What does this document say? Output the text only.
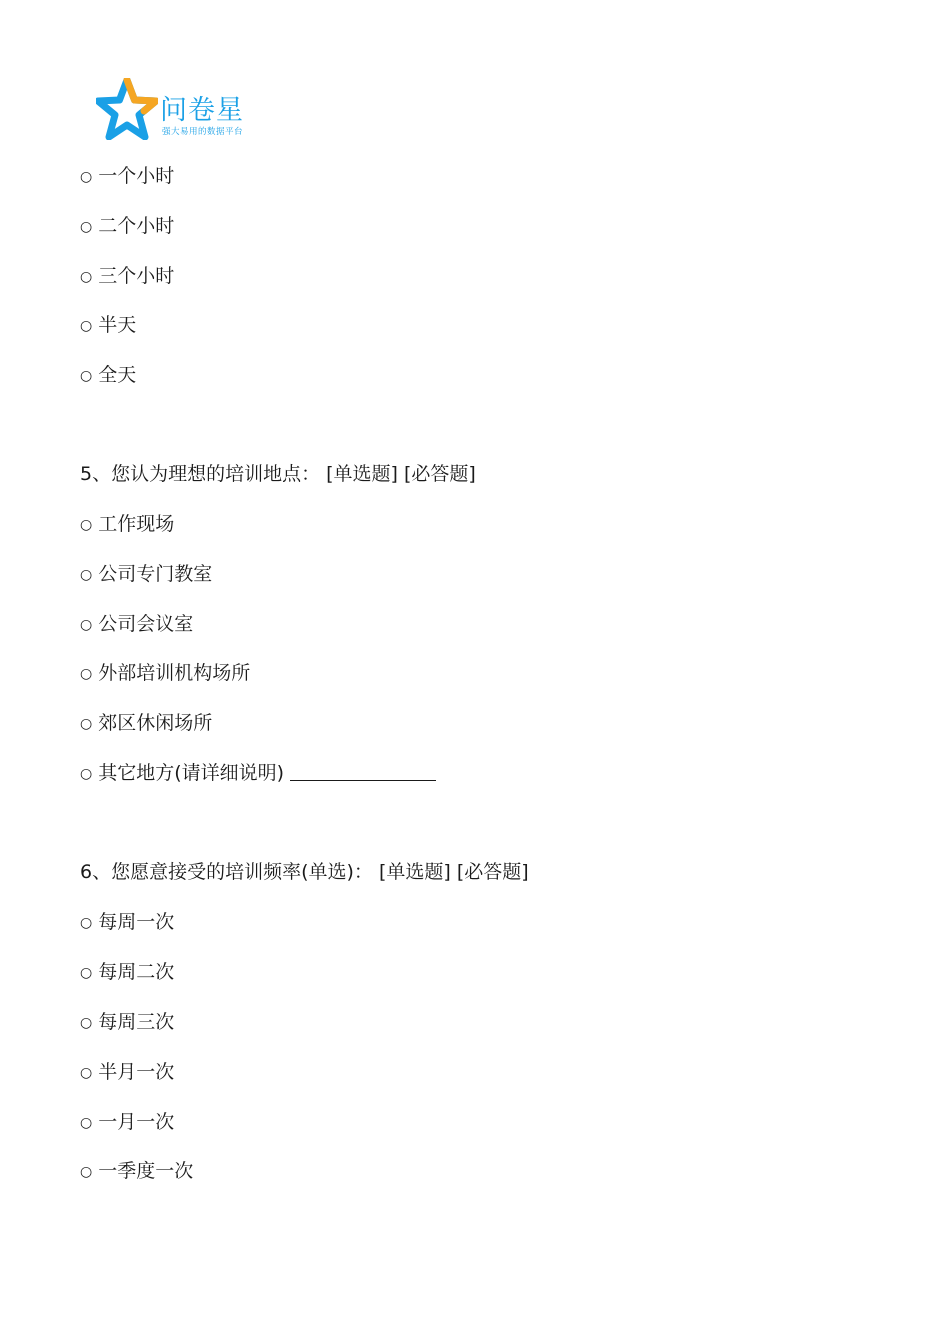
问卷星
强大易用的数据平台
○ 一个小时
○ 二个小时
○ 三个小时
○ 半天
○ 全天
5、您认为理想的培训地点： [单选题] [必答题]
○ 工作现场
○ 公司专门教室
○ 公司会议室
○ 外部培训机构场所
○ 郊区休闲场所
○ 其它地方(请详细说明)
6、您愿意接受的培训频率(单选)： [单选题] [必答题]
○ 每周一次
○ 每周二次
○ 每周三次
○ 半月一次
○ 一月一次
○ 一季度一次
